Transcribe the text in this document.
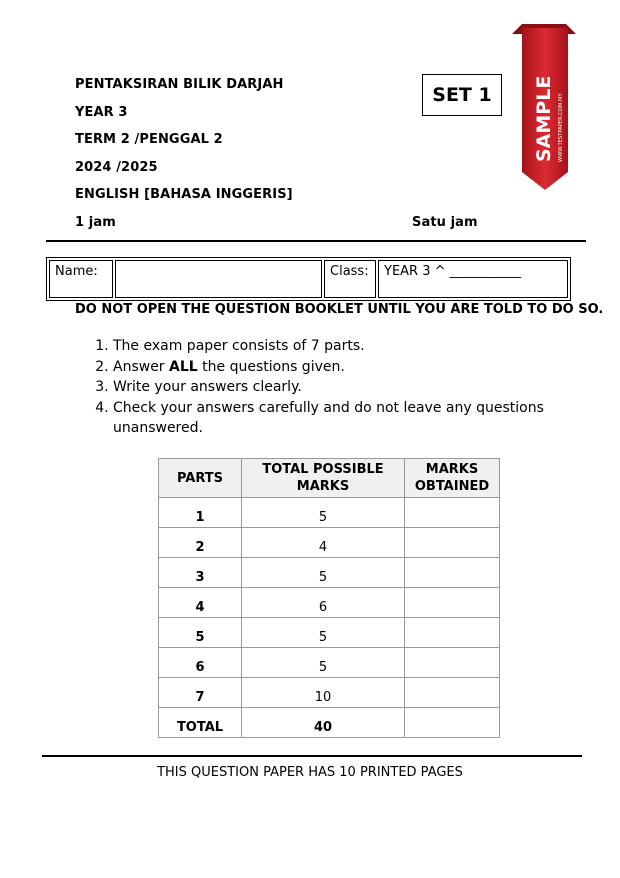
PENTAKSIRAN BILIK DARJAH
YEAR 3
TERM 2 /PENGGAL 2
2024 /2025
ENGLISH [BAHASA INGGERIS]
1 jam	Satu jam
SET 1	SAMPLE WWW.TESTPAPER.COM.MY
Name:		Class:	YEAR 3 ^ ___________
DO NOT OPEN THE QUESTION BOOKLET UNTIL YOU ARE TOLD TO DO SO.
1. The exam paper consists of 7 parts.
2. Answer ALL the questions given.
3. Write your answers clearly.
4. Check your answers carefully and do not leave any questions unanswered.
PARTS	TOTAL POSSIBLE MARKS	MARKS OBTAINED
1	5	
2	4	
3	5	
4	6	
5	5	
6	5	
7	10	
TOTAL	40	
THIS QUESTION PAPER HAS 10 PRINTED PAGES
